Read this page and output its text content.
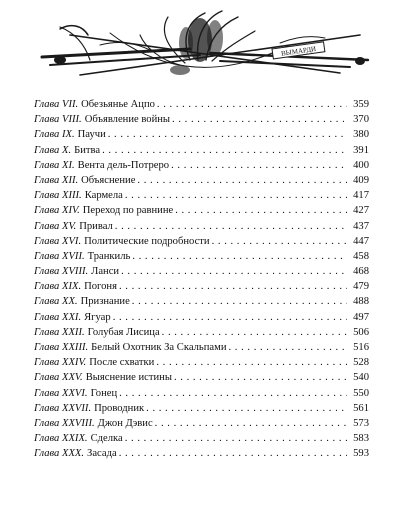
ВЫМАРДИ
Глава VII. Обезьянье Ацпо . . .	359
Глава VIII. Объявление войны . . .	370
Глава IX. Паучи . . .	380
Глава X. Битва . . .	391
Глава XI. Вента дель-Потреро . . .	400
Глава XII. Объяснение . . .	409
Глава XIII. Кармела . . .	417
Глава XIV. Переход по равнине . . .	427
Глава XV. Привал . . .	437
Глава XVI. Политические подробности . . .	447
Глава XVII. Транкиль . . .	458
Глава XVIII. Ланси . . .	468
Глава XIX. Погоня . . .	479
Глава XX. Признание . . .	488
Глава XXI. Ягуар . . .	497
Глава XXII. Голубая Лисица . . .	506
Глава XXIII. Белый Охотник За Скальпами . . .	516
Глава XXIV. После схватки . . .	528
Глава XXV. Выяснение истины . . .	540
Глава XXVI. Гонец . . .	550
Глава XXVII. Проводник . . .	561
Глава XXVIII. Джон Дэвис . . .	573
Глава XXIX. Сделка . . .	583
Глава XXX. Засада . . .	593
